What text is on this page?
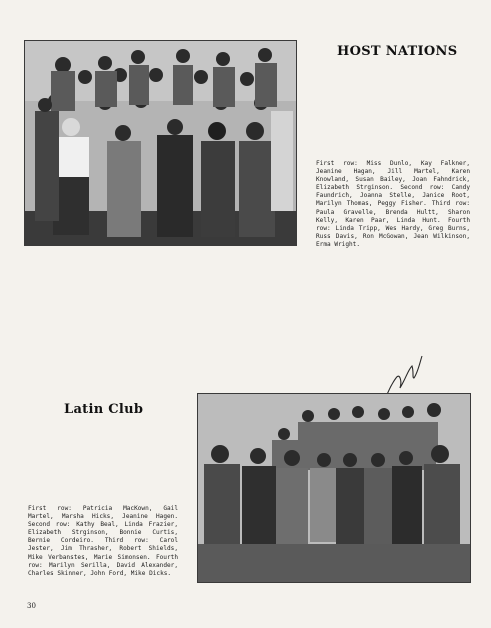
HOST NATIONS
First row: Miss Dunlo, Kay Falkner, Jeanine Hagan, Jill Martel, Karen Knowland, Susan Bailey, Joan Fahndrick, Elizabeth Strginson. Second row: Candy Faundrich, Joanna Stelle, Janice Root, Marilyn Thomas, Peggy Fisher. Third row: Paula Gravelle, Brenda Hultt, Sharon Kelly, Karen Paar, Linda Hunt. Fourth row: Linda Tripp, Wes Hardy, Greg Burns, Russ Davis, Ron McGowan, Jean Wilkinson, Erma Wright.
Latin Club
First row: Patricia MacKown, Gail Martel, Marsha Hicks, Jeanine Hagen. Second row: Kathy Beal, Linda Frazier, Elizabeth Strginson, Bonnie Curtis, Bernie Cordeiro. Third row: Carol Jester, Jim Thrasher, Robert Shields, Mike Verbanstes, Marie Simonsen. Fourth row: Marilyn Serilla, David Alexander, Charles Skinner, John Ford, Mike Dicks.
30
